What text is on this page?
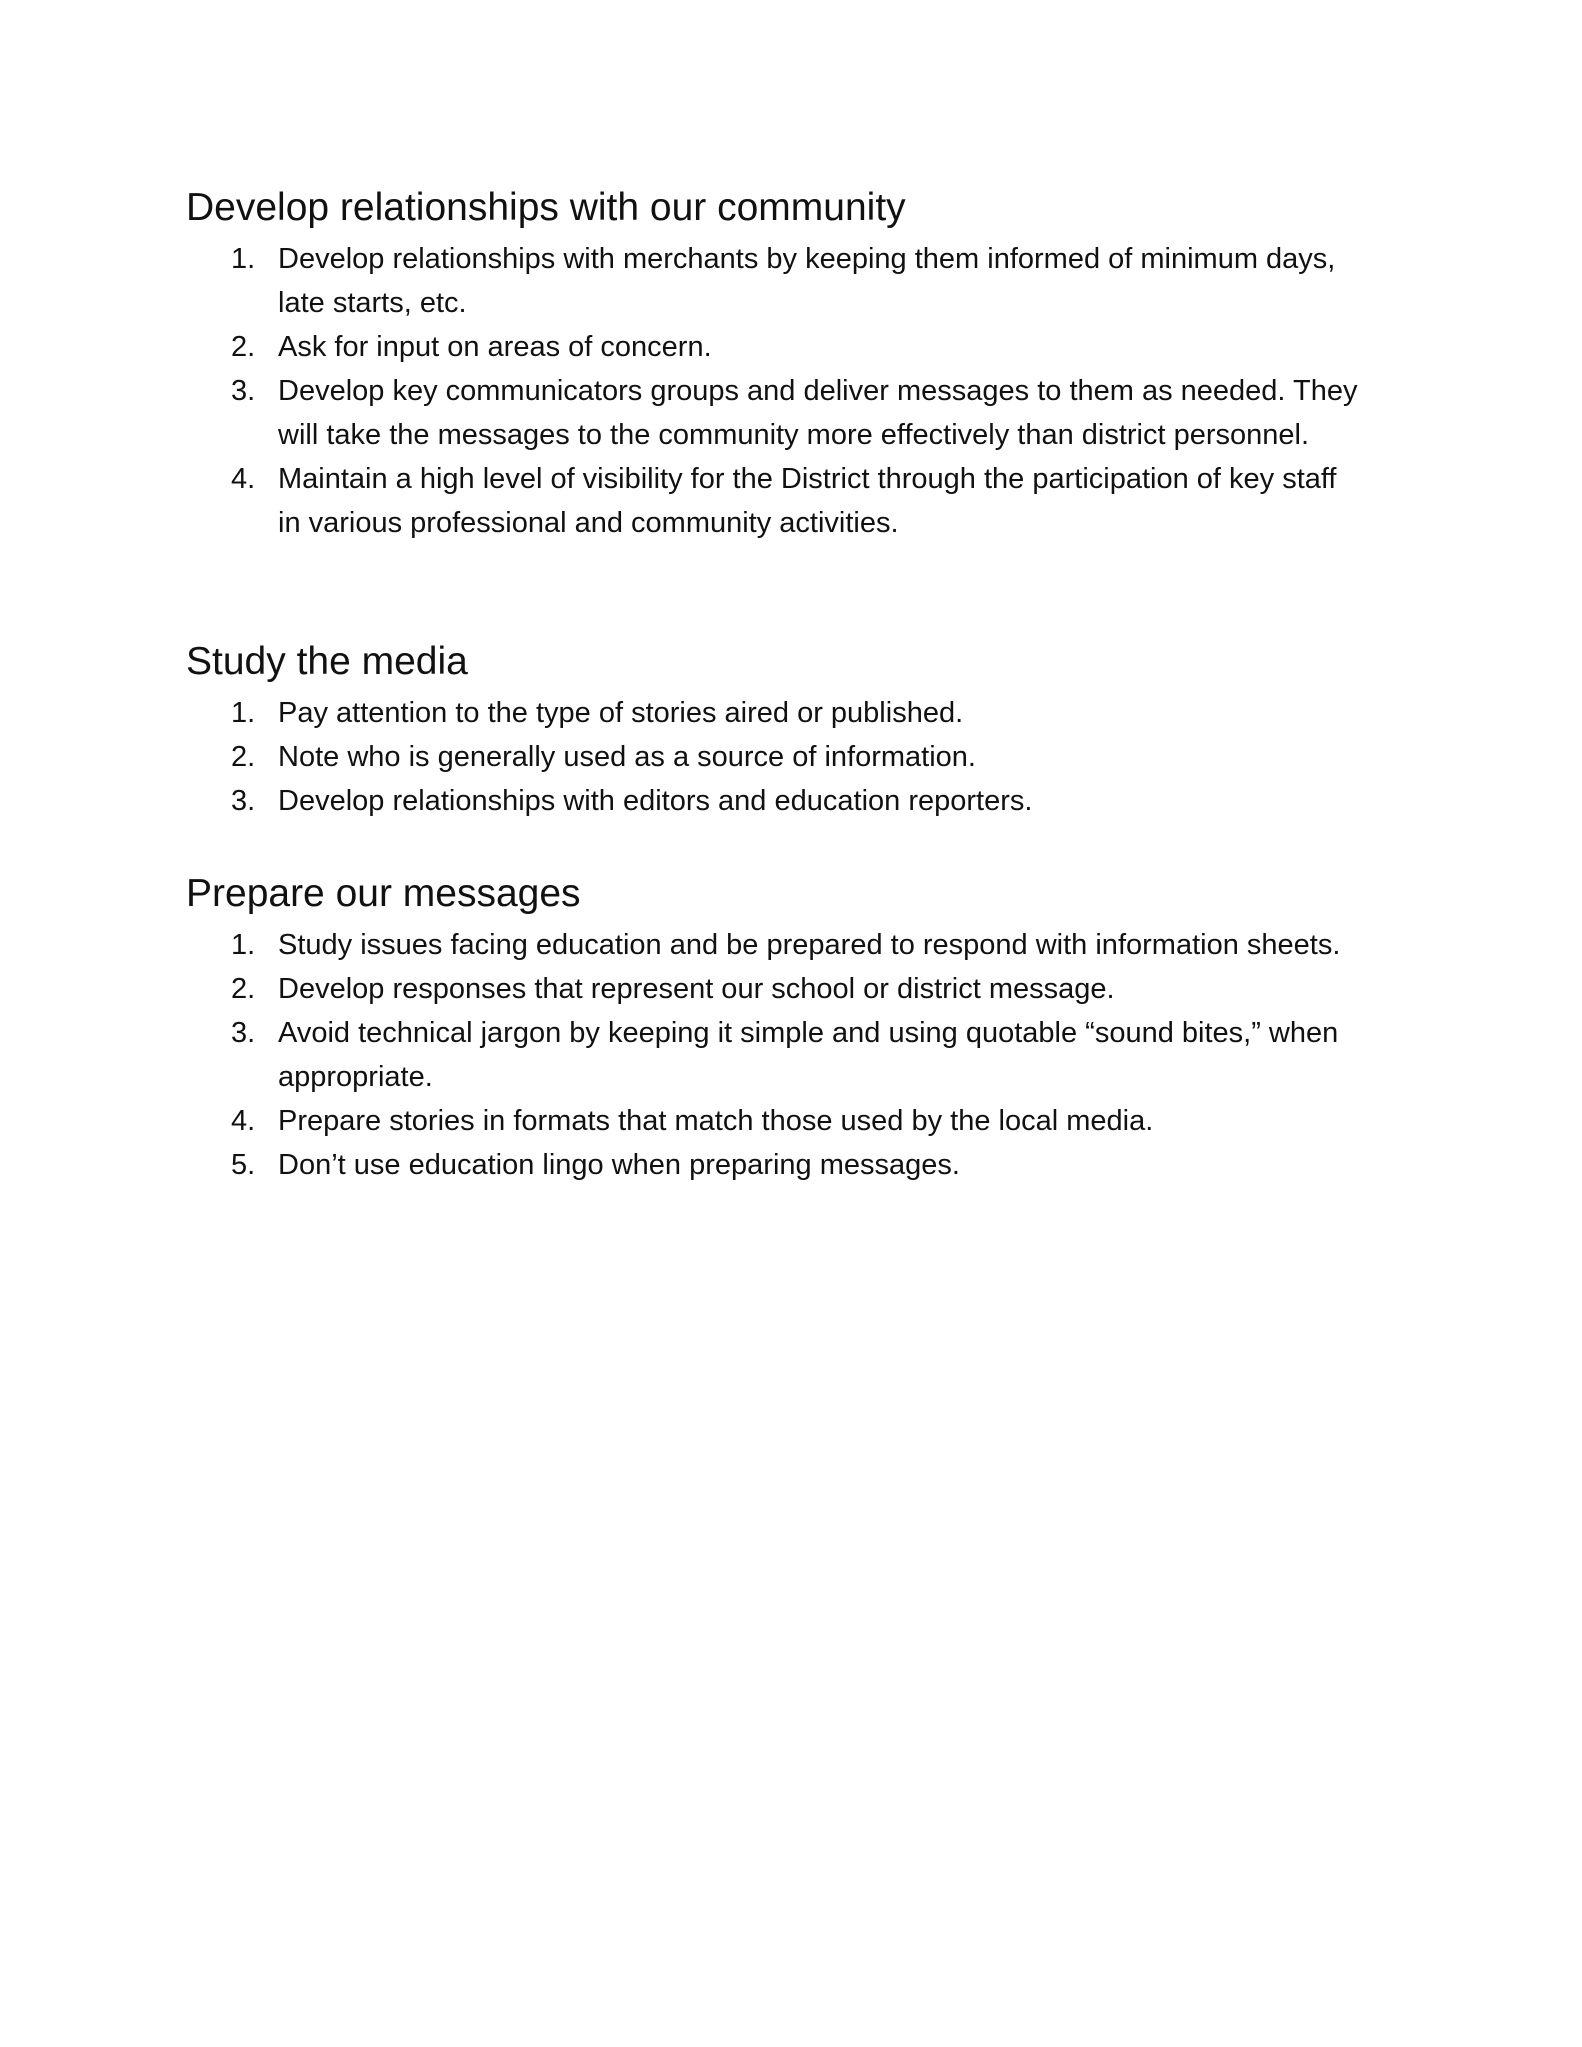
Develop relationships with our community
1. Develop relationships with merchants by keeping them informed of minimum days, late starts, etc.
2. Ask for input on areas of concern.
3. Develop key communicators groups and deliver messages to them as needed. They will take the messages to the community more effectively than district personnel.
4. Maintain a high level of visibility for the District through the participation of key staff in various professional and community activities.
Study the media
1. Pay attention to the type of stories aired or published.
2. Note who is generally used as a source of information.
3. Develop relationships with editors and education reporters.
Prepare our messages
1. Study issues facing education and be prepared to respond with information sheets.
2. Develop responses that represent our school or district message.
3. Avoid technical jargon by keeping it simple and using quotable “sound bites,” when appropriate.
4. Prepare stories in formats that match those used by the local media.
5. Don’t use education lingo when preparing messages.
